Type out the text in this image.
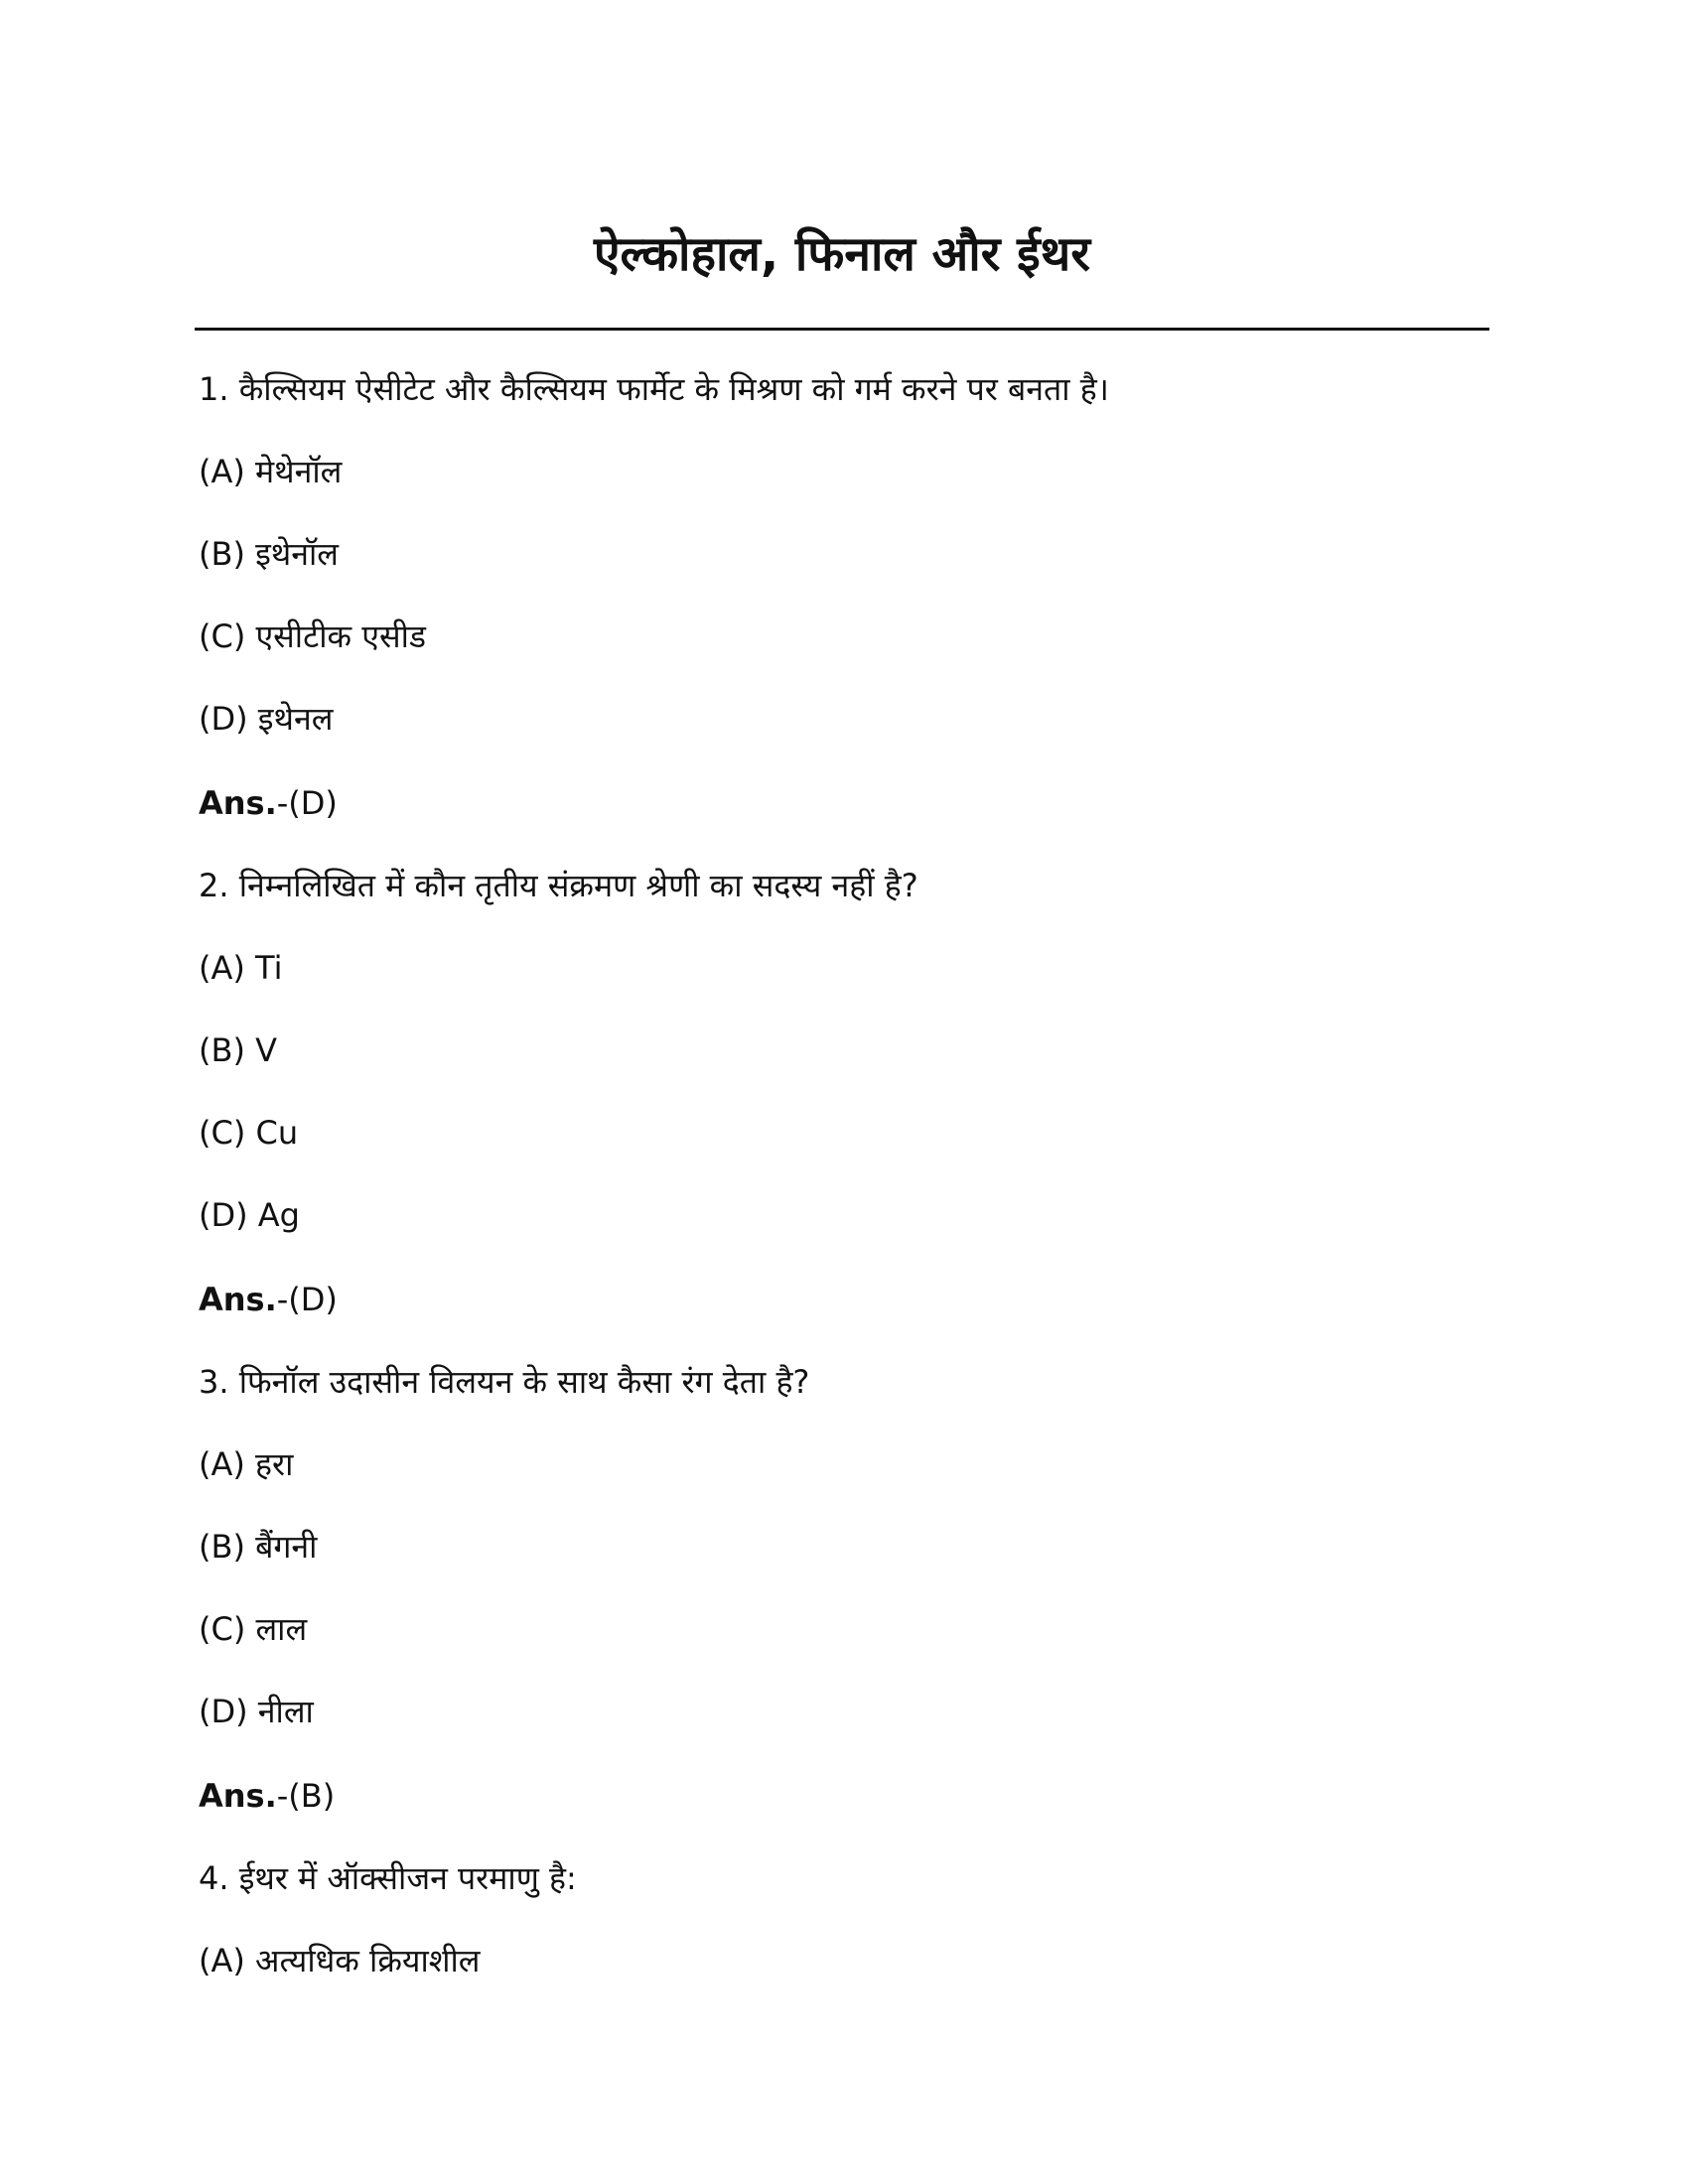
ऐल्कोहाल, फिनाल और ईथर
1. कैल्सियम ऐसीटेट और कैल्सियम फार्मेट के मिश्रण को गर्म करने पर बनता है।
(A) मेथेनॉल
(B) इथेनॉल
(C) एसीटीक एसीड
(D) इथेनल
Ans.-(D)
2. निम्नलिखित में कौन तृतीय संक्रमण श्रेणी का सदस्य नहीं है?
(A) Ti
(B) V
(C) Cu
(D) Ag
Ans.-(D)
3. फिनॉल उदासीन विलयन के साथ कैसा रंग देता है?
(A) हरा
(B) बैंगनी
(C) लाल
(D) नीला
Ans.-(B)
4. ईथर में ऑक्सीजन परमाणु है:
(A) अत्यधिक क्रियाशील
